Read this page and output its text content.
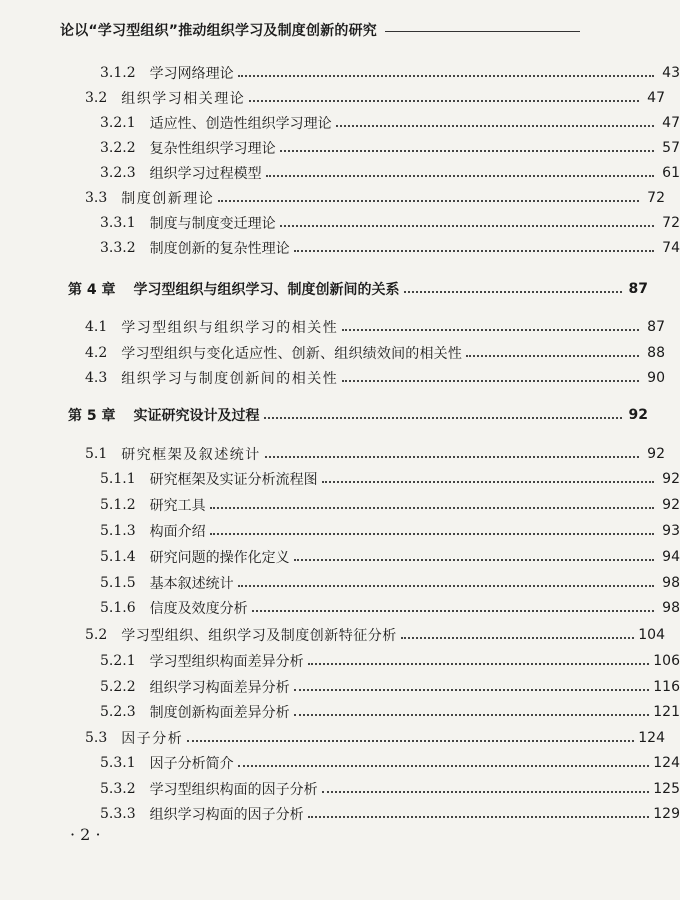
论以“学习型组织”推动组织学习及制度创新的研究
3.1.2 学习网络理论	43
3.2 组织学习相关理论	47
3.2.1 适应性、创造性组织学习理论	47
3.2.2 复杂性组织学习理论	57
3.2.3 组织学习过程模型	61
3.3 制度创新理论	72
3.3.1 制度与制度变迁理论	72
3.3.2 制度创新的复杂性理论	74
第 4 章 学习型组织与组织学习、制度创新间的关系	87
4.1 学习型组织与组织学习的相关性	87
4.2 学习型组织与变化适应性、创新、组织绩效间的相关性	88
4.3 组织学习与制度创新间的相关性	90
第 5 章 实证研究设计及过程	92
5.1 研究框架及叙述统计	92
5.1.1 研究框架及实证分析流程图	92
5.1.2 研究工具	92
5.1.3 构面介绍	93
5.1.4 研究问题的操作化定义	94
5.1.5 基本叙述统计	98
5.1.6 信度及效度分析	98
5.2 学习型组织、组织学习及制度创新特征分析	104
5.2.1 学习型组织构面差异分析	106
5.2.2 组织学习构面差异分析	116
5.2.3 制度创新构面差异分析	121
5.3 因子分析	124
5.3.1 因子分析简介	124
5.3.2 学习型组织构面的因子分析	125
5.3.3 组织学习构面的因子分析	129
· 2 ·
